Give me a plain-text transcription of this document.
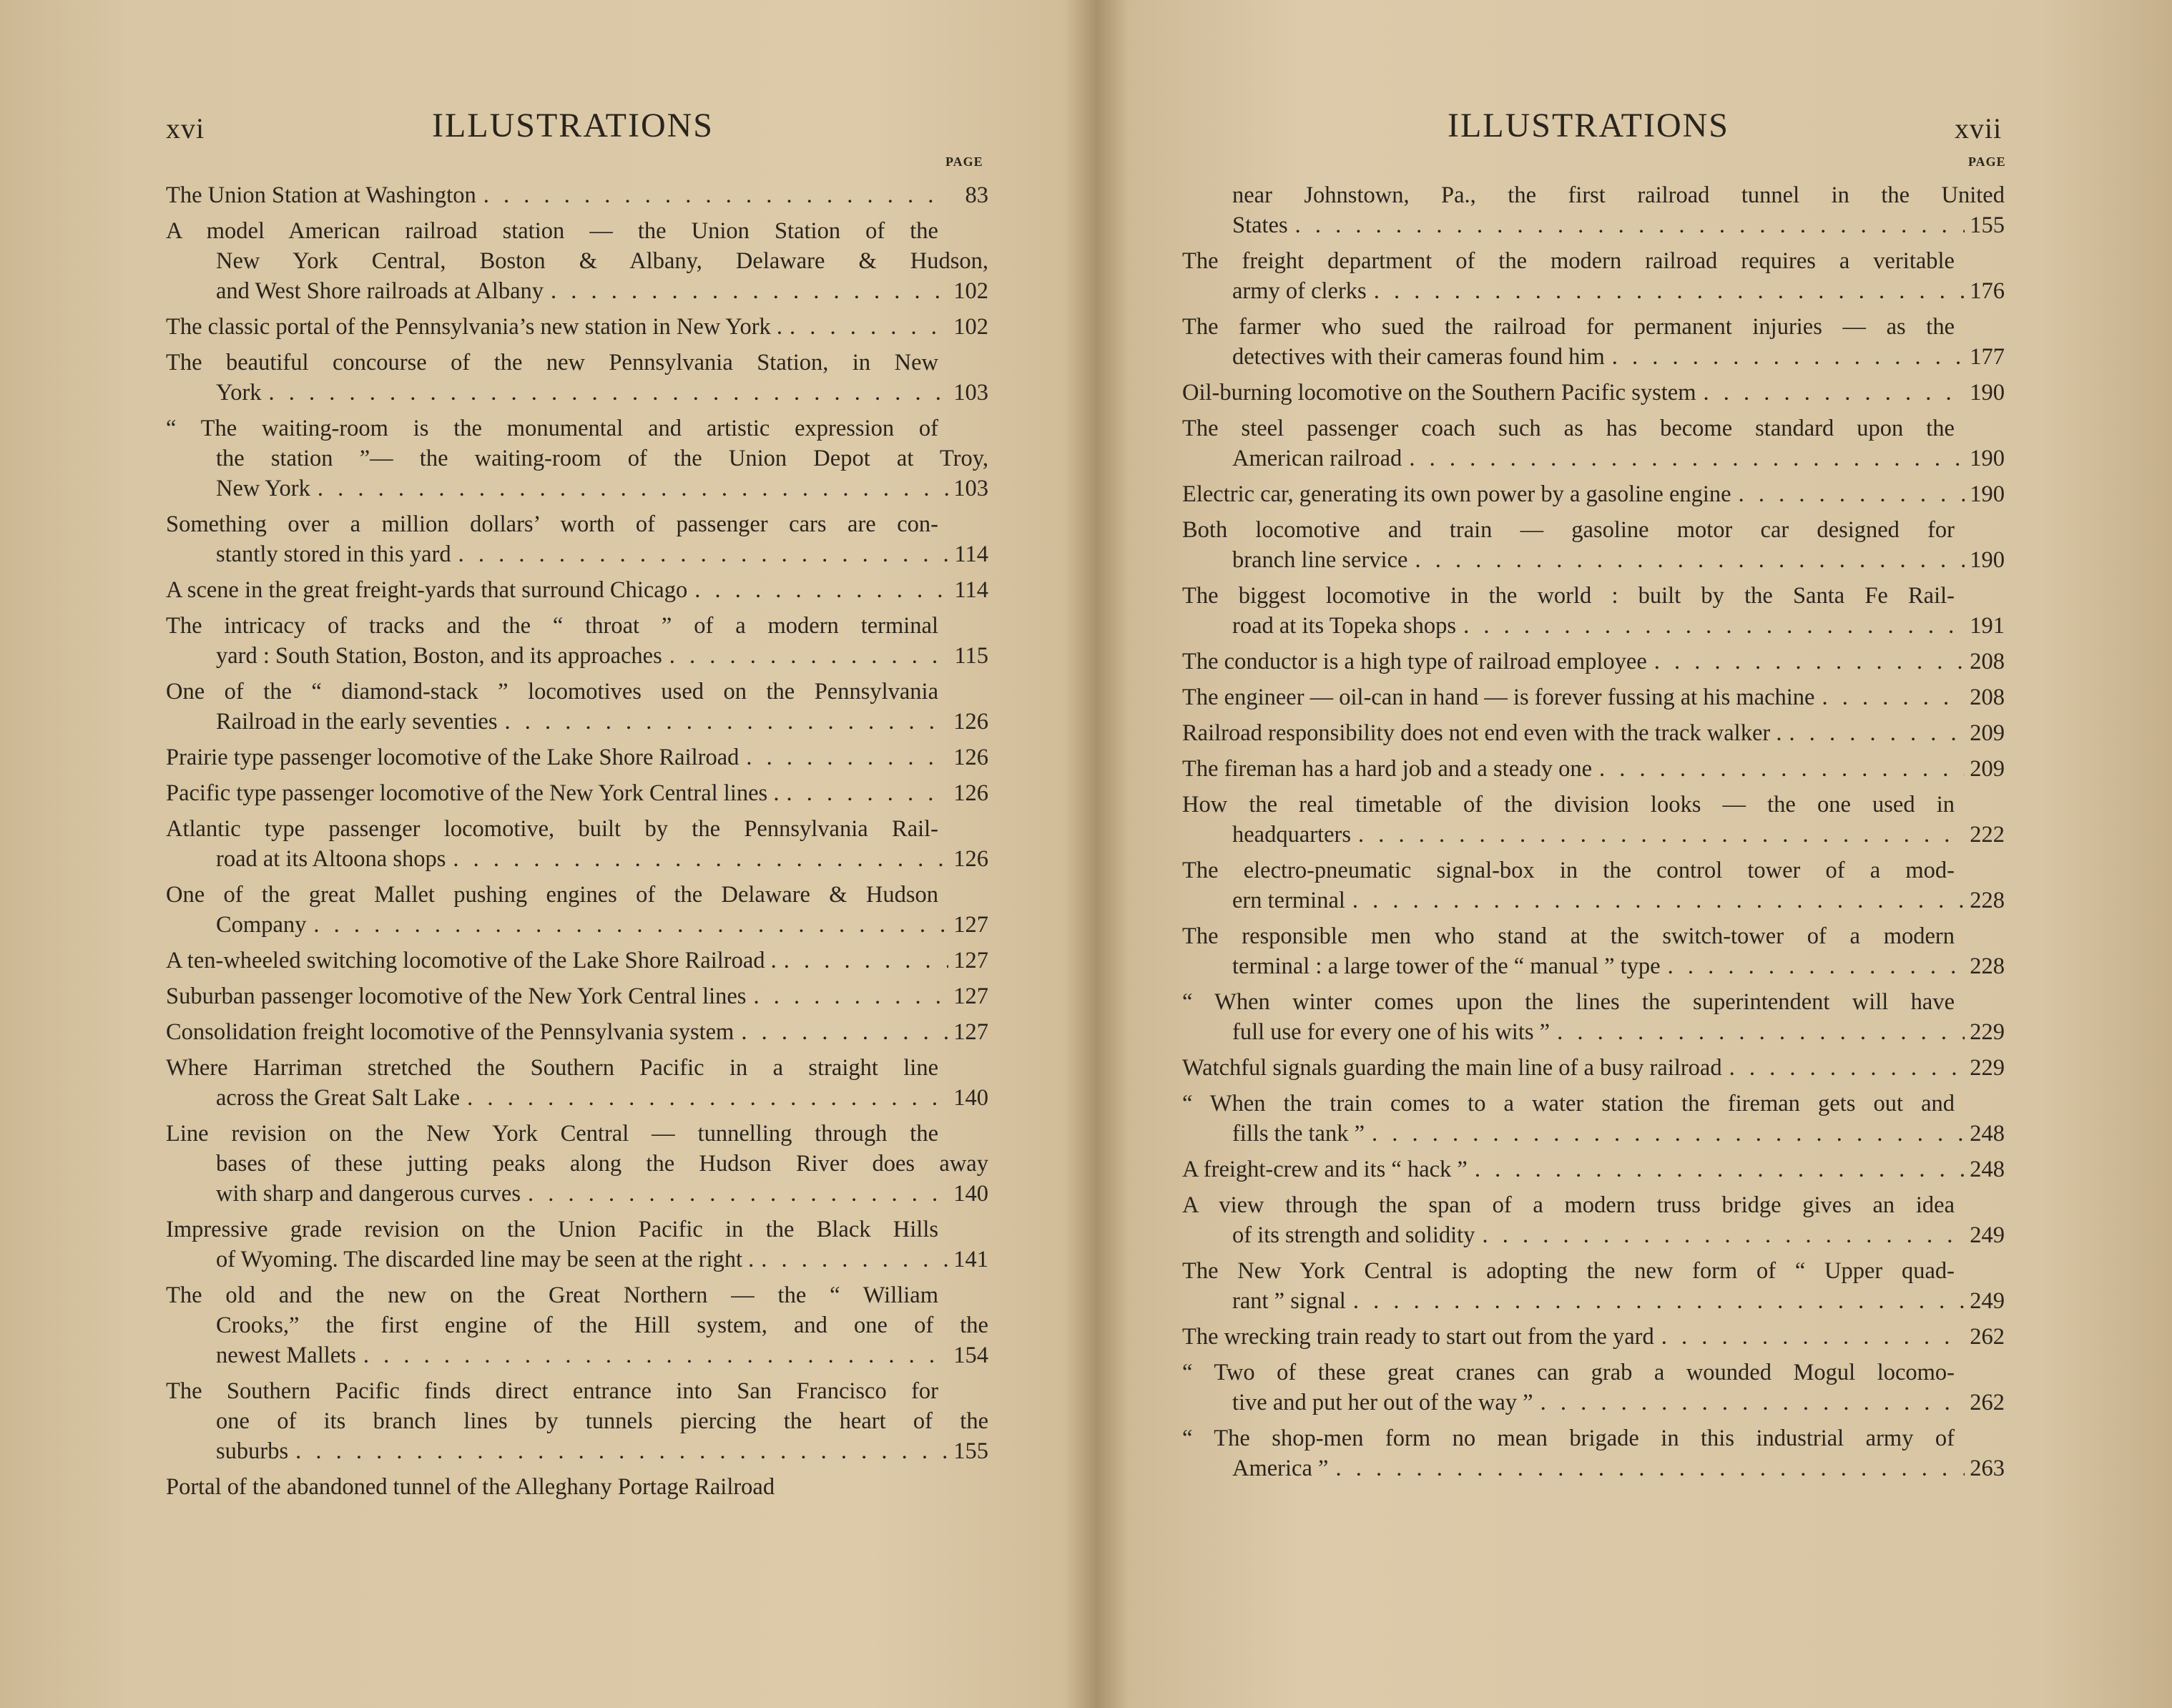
xvi	ILLUSTRATIONS
PAGE
The Union Station at Washington . . .	83
A model American railroad station — the Union Station of the
New York Central, Boston & Albany, Delaware & Hudson,
and West Shore railroads at Albany . . .	102
The classic portal of the Pennsylvania’s new station in New York . . . .	102
The beautiful concourse of the new Pennsylvania Station, in New
York . . .	103
“ The waiting-room is the monumental and artistic expression of
the station ”— the waiting-room of the Union Depot at Troy,
New York . . .	103
Something over a million dollars’ worth of passenger cars are con-
stantly stored in this yard . . .	114
A scene in the great freight-yards that surround Chicago . . .	114
The intricacy of tracks and the “ throat ” of a modern terminal
yard : South Station, Boston, and its approaches . . .	115
One of the “ diamond-stack ” locomotives used on the Pennsylvania
Railroad in the early seventies . . .	126
Prairie type passenger locomotive of the Lake Shore Railroad . . .	126
Pacific type passenger locomotive of the New York Central lines . . . .	126
Atlantic type passenger locomotive, built by the Pennsylvania Rail-
road at its Altoona shops . . .	126
One of the great Mallet pushing engines of the Delaware & Hudson
Company . . .	127
A ten-wheeled switching locomotive of the Lake Shore Railroad . . . .	127
Suburban passenger locomotive of the New York Central lines . . .	127
Consolidation freight locomotive of the Pennsylvania system . . .	127
Where Harriman stretched the Southern Pacific in a straight line
across the Great Salt Lake . . .	140
Line revision on the New York Central — tunnelling through the
bases of these jutting peaks along the Hudson River does away
with sharp and dangerous curves . . .	140
Impressive grade revision on the Union Pacific in the Black Hills
of Wyoming. The discarded line may be seen at the right . . . .	141
The old and the new on the Great Northern — the “ William
Crooks,” the first engine of the Hill system, and one of the
newest Mallets . . .	154
The Southern Pacific finds direct entrance into San Francisco for
one of its branch lines by tunnels piercing the heart of the
suburbs . . .	155
Portal of the abandoned tunnel of the Alleghany Portage Railroad
ILLUSTRATIONS	xvii
PAGE
near Johnstown, Pa., the first railroad tunnel in the United
States . . .	155
The freight department of the modern railroad requires a veritable
army of clerks . . .	176
The farmer who sued the railroad for permanent injuries — as the
detectives with their cameras found him . . .	177
Oil-burning locomotive on the Southern Pacific system . . .	190
The steel passenger coach such as has become standard upon the
American railroad . . .	190
Electric car, generating its own power by a gasoline engine . . .	190
Both locomotive and train — gasoline motor car designed for
branch line service . . .	190
The biggest locomotive in the world : built by the Santa Fe Rail-
road at its Topeka shops . . .	191
The conductor is a high type of railroad employee . . .	208
The engineer — oil-can in hand — is forever fussing at his machine . . .	208
Railroad responsibility does not end even with the track walker . . . .	209
The fireman has a hard job and a steady one . . .	209
How the real timetable of the division looks — the one used in
headquarters . . .	222
The electro-pneumatic signal-box in the control tower of a mod-
ern terminal . . .	228
The responsible men who stand at the switch-tower of a modern
terminal : a large tower of the “ manual ” type . . .	228
“ When winter comes upon the lines the superintendent will have
full use for every one of his wits ” . . .	229
Watchful signals guarding the main line of a busy railroad . . .	229
“ When the train comes to a water station the fireman gets out and
fills the tank ” . . .	248
A freight-crew and its “ hack ” . . .	248
A view through the span of a modern truss bridge gives an idea
of its strength and solidity . . .	249
The New York Central is adopting the new form of “ Upper quad-
rant ” signal . . .	249
The wrecking train ready to start out from the yard . . .	262
“ Two of these great cranes can grab a wounded Mogul locomo-
tive and put her out of the way ” . . .	262
“ The shop-men form no mean brigade in this industrial army of
America ” . . .	263
